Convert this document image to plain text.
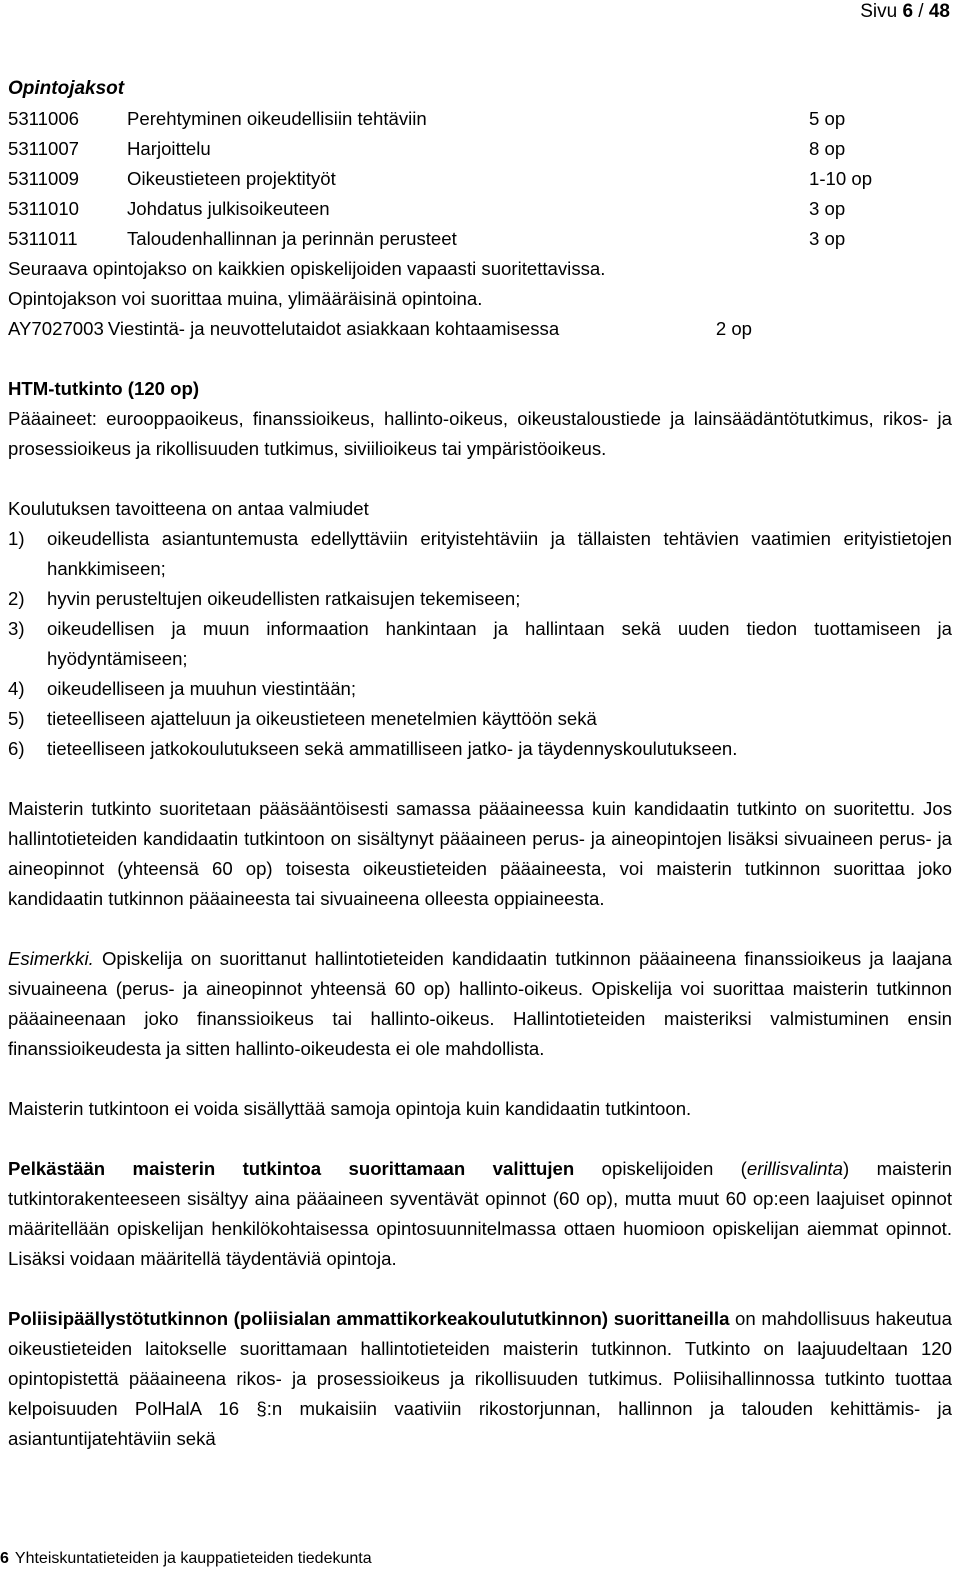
Sivu 6 / 48
Opintojaksot
5311006	Perehtyminen oikeudellisiin tehtäviin	5 op
5311007	Harjoittelu	8 op
5311009	Oikeustieteen projektityöt	1-10 op
5311010	Johdatus julkisoikeuteen	3 op
5311011	Taloudenhallinnan ja perinnän perusteet	3 op
Seuraava opintojakso on kaikkien opiskelijoiden vapaasti suoritettavissa.
Opintojakson voi suorittaa muina, ylimääräisinä opintoina.
AY7027003 Viestintä- ja neuvottelutaidot asiakkaan kohtaamisessa	2 op
HTM-tutkinto (120 op)

Pääaineet: eurooppaoikeus, finanssioikeus, hallinto-oikeus, oikeustaloustiede ja lainsäädäntötutkimus, rikos- ja prosessioikeus ja rikollisuuden tutkimus, siviilioikeus tai ympäristöoikeus.

Koulutuksen tavoitteena on antaa valmiudet

1)	oikeudellista asiantuntemusta edellyttäviin erityistehtäviin ja tällaisten tehtävien vaatimien erityistietojen hankkimiseen;
2)	hyvin perusteltujen oikeudellisten ratkaisujen tekemiseen;
3)	oikeudellisen ja muun informaation hankintaan ja hallintaan sekä uuden tiedon tuottamiseen ja hyödyntämiseen;
4)	oikeudelliseen ja muuhun viestintään;
5)	tieteelliseen ajatteluun ja oikeustieteen menetelmien käyttöön sekä
6)	tieteelliseen jatkokoulutukseen sekä ammatilliseen jatko- ja täydennyskoulutukseen.

Maisterin tutkinto suoritetaan pääsääntöisesti samassa pääaineessa kuin kandidaatin tutkinto on suoritettu. Jos hallintotieteiden kandidaatin tutkintoon on sisältynyt pääaineen perus- ja aineopintojen lisäksi sivuaineen perus- ja aineopinnot (yhteensä 60 op) toisesta oikeustieteiden pääaineesta, voi maisterin tutkinnon suorittaa joko kandidaatin tutkinnon pääaineesta tai sivuaineena olleesta oppiaineesta.

Esimerkki. Opiskelija on suorittanut hallintotieteiden kandidaatin tutkinnon pääaineena finanssioikeus ja laajana sivuaineena (perus- ja aineopinnot yhteensä 60 op) hallinto-oikeus. Opiskelija voi suorittaa maisterin tutkinnon pääaineenaan joko finanssioikeus tai hallinto-oikeus. Hallintotieteiden maisteriksi valmistuminen ensin finanssioikeudesta ja sitten hallinto-oikeudesta ei ole mahdollista.

Maisterin tutkintoon ei voida sisällyttää samoja opintoja kuin kandidaatin tutkintoon.

Pelkästään maisterin tutkintoa suorittamaan valittujen opiskelijoiden (erillisvalinta) maisterin tutkintorakenteeseen sisältyy aina pääaineen syventävät opinnot (60 op), mutta muut 60 op:een laajuiset opinnot määritellään opiskelijan henkilökohtaisessa opintosuunnitelmassa ottaen huomioon opiskelijan aiemmat opinnot. Lisäksi voidaan määritellä täydentäviä opintoja.

Poliisipäällystötutkinnon (poliisialan ammattikorkeakoulututkinnon) suorittaneilla on mahdollisuus hakeutua oikeustieteiden laitokselle suorittamaan hallintotieteiden maisterin tutkinnon. Tutkinto on laajuudeltaan 120 opintopistettä pääaineena rikos- ja prosessioikeus ja rikollisuuden tutkimus. Poliisihallinnossa tutkinto tuottaa kelpoisuuden PolHalA 16 §:n mukaisiin vaativiin rikostorjunnan, hallinnon ja talouden kehittämis- ja asiantuntijatehtäviin sekä

6 Yhteiskuntatieteiden ja kauppatieteiden tiedekunta
